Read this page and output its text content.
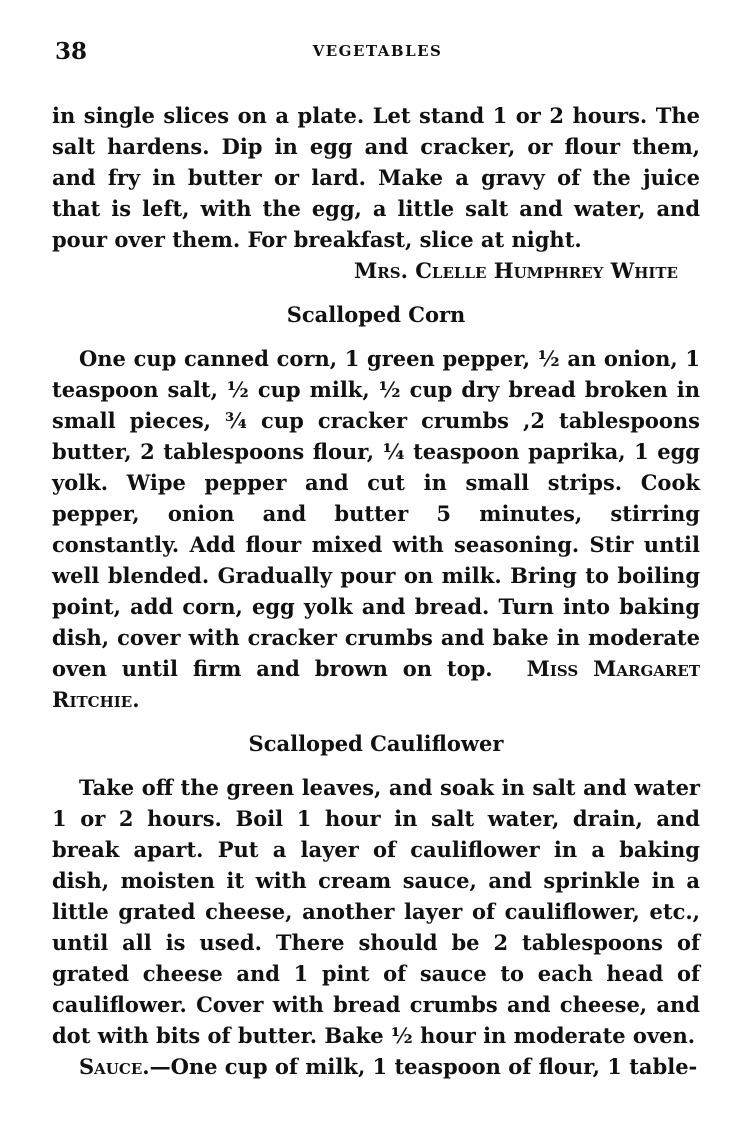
38	VEGETABLES

in single slices on a plate. Let stand 1 or 2 hours. The salt hardens. Dip in egg and cracker, or flour them, and fry in butter or lard. Make a gravy of the juice that is left, with the egg, a little salt and water, and pour over them. For breakfast, slice at night.

Mrs. Clelle Humphrey White

Scalloped Corn

One cup canned corn, 1 green pepper, ½ an onion, 1 teaspoon salt, ½ cup milk, ½ cup dry bread broken in small pieces, ¾ cup cracker crumbs ,2 tablespoons butter, 2 tablespoons flour, ¼ teaspoon paprika, 1 egg yolk. Wipe pepper and cut in small strips. Cook pepper, onion and butter 5 minutes, stirring constantly. Add flour mixed with seasoning. Stir until well blended. Gradually pour on milk. Bring to boiling point, add corn, egg yolk and bread. Turn into baking dish, cover with cracker crumbs and bake in moderate oven until firm and brown on top. Miss Margaret Ritchie.

Scalloped Cauliflower

Take off the green leaves, and soak in salt and water 1 or 2 hours. Boil 1 hour in salt water, drain, and break apart. Put a layer of cauliflower in a baking dish, moisten it with cream sauce, and sprinkle in a little grated cheese, another layer of cauliflower, etc., until all is used. There should be 2 tablespoons of grated cheese and 1 pint of sauce to each head of cauliflower. Cover with bread crumbs and cheese, and dot with bits of butter. Bake ½ hour in moderate oven.

Sauce.—One cup of milk, 1 teaspoon of flour, 1 table-
